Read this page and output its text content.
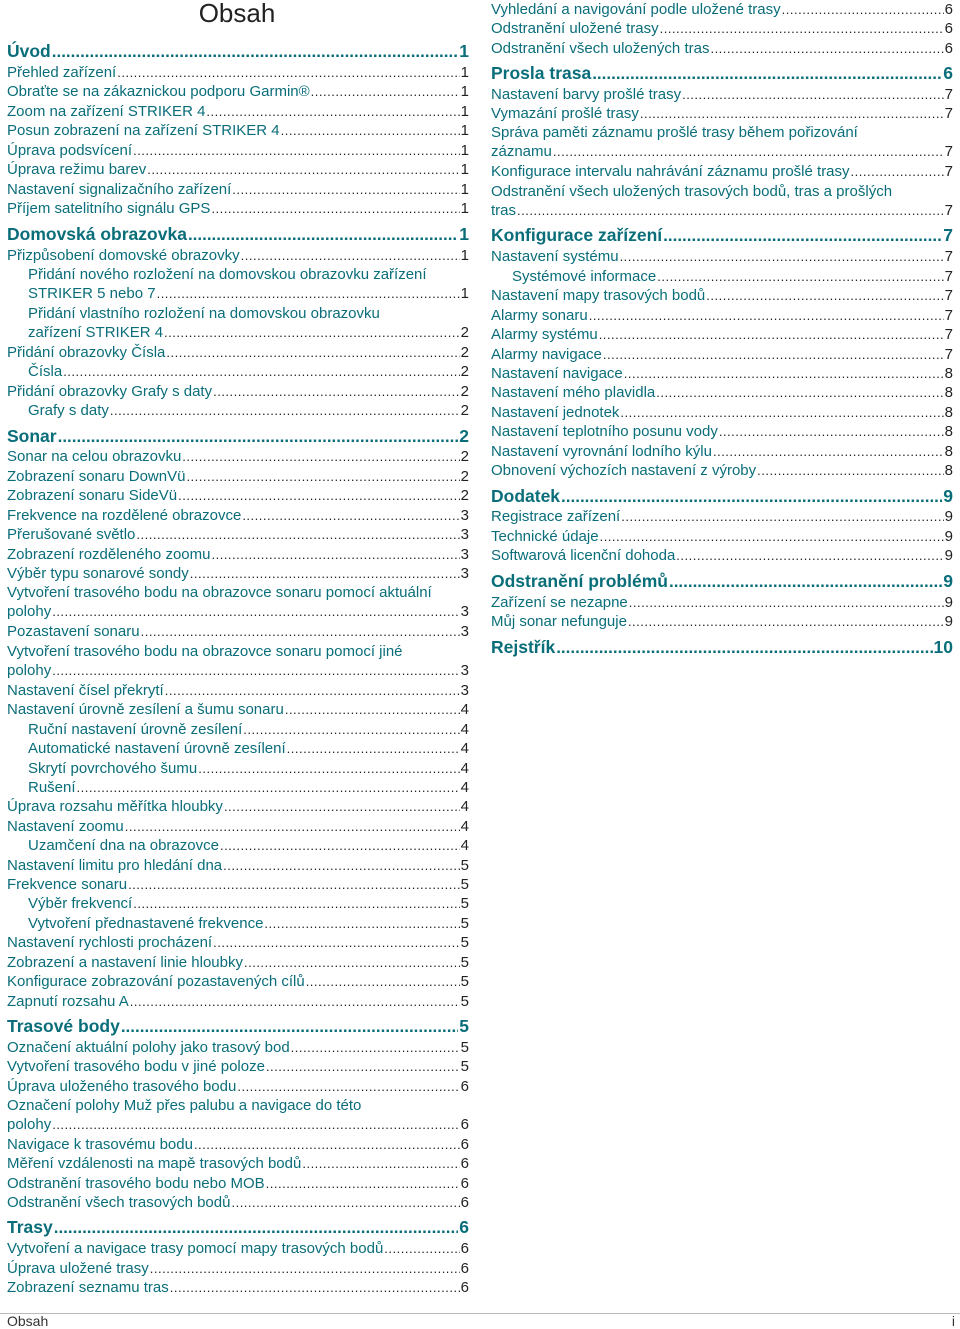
Obsah
Úvod .....	1
Přehled zařízení .....	1
Obraťte se na zákaznickou podporu Garmin® .....	1
Zoom na zařízení STRIKER 4 .....	1
Posun zobrazení na zařízení STRIKER 4 .....	1
Úprava podsvícení .....	1
Úprava režimu barev .....	1
Nastavení signalizačního zařízení .....	1
Příjem satelitního signálu GPS .....	1
Domovská obrazovka .....	1
Přizpůsobení domovské obrazovky .....	1
Přidání nového rozložení na domovskou obrazovku zařízení
STRIKER 5 nebo 7 .....	1
Přidání vlastního rozložení na domovskou obrazovku
zařízení STRIKER 4 .....	2
Přidání obrazovky Čísla .....	2
Čísla .....	2
Přidání obrazovky Grafy s daty .....	2
Grafy s daty .....	2
Sonar .....	2
Sonar na celou obrazovku .....	2
Zobrazení sonaru DownVü .....	2
Zobrazení sonaru SideVü .....	2
Frekvence na rozdělené obrazovce .....	3
Přerušované světlo .....	3
Zobrazení rozděleného zoomu .....	3
Výběr typu sonarové sondy .....	3
Vytvoření trasového bodu na obrazovce sonaru pomocí aktuální
polohy .....	3
Pozastavení sonaru .....	3
Vytvoření trasového bodu na obrazovce sonaru pomocí jiné
polohy .....	3
Nastavení čísel překrytí .....	3
Nastavení úrovně zesílení a šumu sonaru .....	4
Ruční nastavení úrovně zesílení .....	4
Automatické nastavení úrovně zesílení .....	4
Skrytí povrchového šumu .....	4
Rušení .....	4
Úprava rozsahu měřítka hloubky .....	4
Nastavení zoomu .....	4
Uzamčení dna na obrazovce .....	4
Nastavení limitu pro hledání dna .....	5
Frekvence sonaru .....	5
Výběr frekvencí .....	5
Vytvoření přednastavené frekvence .....	5
Nastavení rychlosti procházení .....	5
Zobrazení a nastavení linie hloubky .....	5
Konfigurace zobrazování pozastavených cílů .....	5
Zapnutí rozsahu A .....	5
Trasové body .....	5
Označení aktuální polohy jako trasový bod .....	5
Vytvoření trasového bodu v jiné poloze .....	5
Úprava uloženého trasového bodu .....	6
Označení polohy Muž přes palubu a navigace do této
polohy .....	6
Navigace k trasovému bodu .....	6
Měření vzdálenosti na mapě trasových bodů .....	6
Odstranění trasového bodu nebo MOB .....	6
Odstranění všech trasových bodů .....	6
Trasy .....	6
Vytvoření a navigace trasy pomocí mapy trasových bodů .....	6
Úprava uložené trasy .....	6
Zobrazení seznamu tras .....	6
Vyhledání a navigování podle uložené trasy .....	6
Odstranění uložené trasy .....	6
Odstranění všech uložených tras .....	6
Prosla trasa .....	6
Nastavení barvy prošlé trasy .....	7
Vymazání prošlé trasy .....	7
Správa paměti záznamu prošlé trasy během pořizování
záznamu .....	7
Konfigurace intervalu nahrávání záznamu prošlé trasy .....	7
Odstranění všech uložených trasových bodů, tras a prošlých
tras .....	7
Konfigurace zařízení .....	7
Nastavení systému .....	7
Systémové informace .....	7
Nastavení mapy trasových bodů .....	7
Alarmy sonaru .....	7
Alarmy systému .....	7
Alarmy navigace .....	7
Nastavení navigace .....	8
Nastavení mého plavidla .....	8
Nastavení jednotek .....	8
Nastavení teplotního posunu vody .....	8
Nastavení vyrovnání lodního kýlu .....	8
Obnovení výchozích nastavení z výroby .....	8
Dodatek .....	9
Registrace zařízení .....	9
Technické údaje .....	9
Softwarová licenční dohoda .....	9
Odstranění problémů .....	9
Zařízení se nezapne .....	9
Můj sonar nefunguje .....	9
Rejstřík .....	10
Obsah	i
